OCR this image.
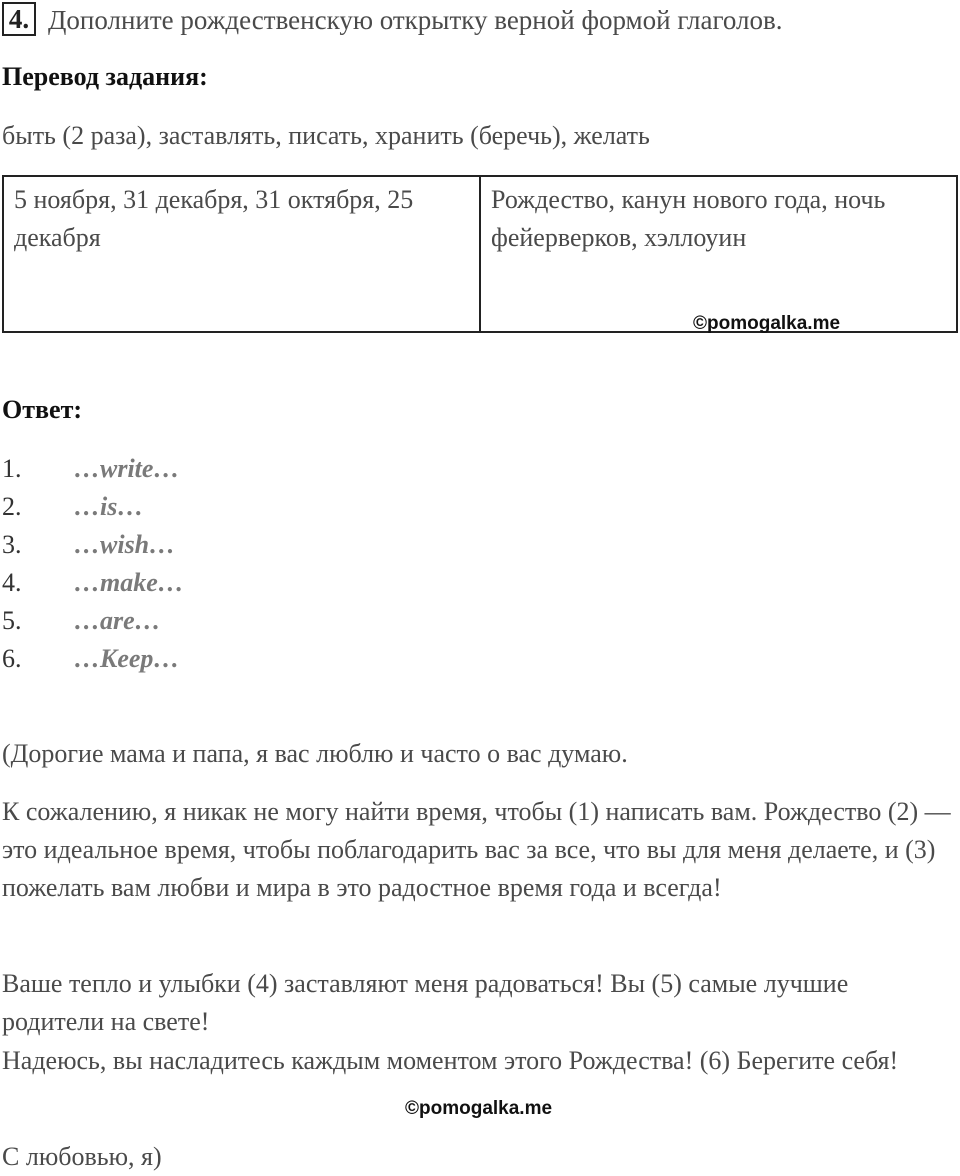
4. Дополните рождественскую открытку верной формой глаголов.
Перевод задания:
быть (2 раза), заставлять, писать, хранить (беречь), желать
5 ноября, 31 декабря, 31 октября, 25 декабря	Рождество, канун нового года, ночь фейерверков, хэллоуин
©pomogalka.me
Ответ:
1. …write…
2. …is…
3. …wish…
4. …make…
5. …are…
6. …Keep…

(Дорогие мама и папа, я вас люблю и часто о вас думаю.

К сожалению, я никак не могу найти время, чтобы (1) написать вам. Рождество (2) — это идеальное время, чтобы поблагодарить вас за все, что вы для меня делаете, и (3) пожелать вам любви и мира в это радостное время года и всегда!

Ваше тепло и улыбки (4) заставляют меня радоваться! Вы (5) самые лучшие родители на свете!

Надеюсь, вы насладитесь каждым моментом этого Рождества! (6) Берегите себя!

©pomogalka.me

С любовью, я)
